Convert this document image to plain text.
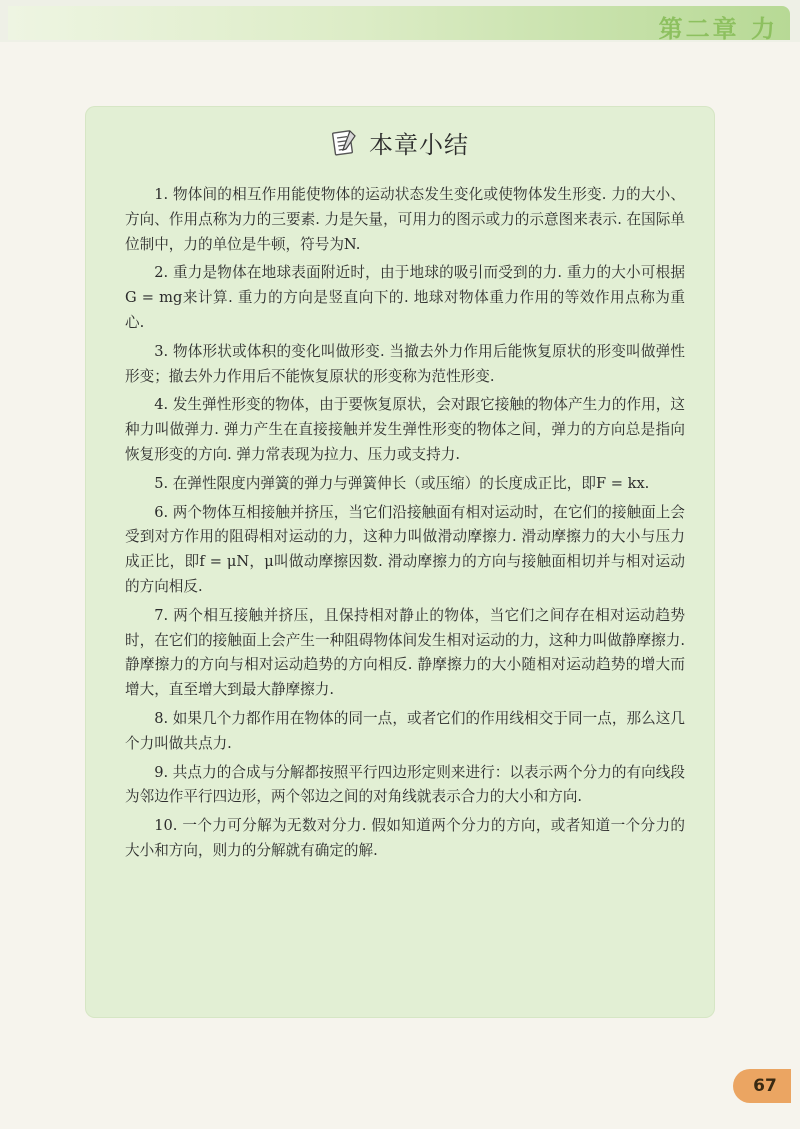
第二章 力
本章小结

1. 物体间的相互作用能使物体的运动状态发生变化或使物体发生形变. 力的大小、方向、作用点称为力的三要素. 力是矢量，可用力的图示或力的示意图来表示. 在国际单位制中，力的单位是牛顿，符号为N.

2. 重力是物体在地球表面附近时，由于地球的吸引而受到的力. 重力的大小可根据G = mg来计算. 重力的方向是竖直向下的. 地球对物体重力作用的等效作用点称为重心.

3. 物体形状或体积的变化叫做形变. 当撤去外力作用后能恢复原状的形变叫做弹性形变；撤去外力作用后不能恢复原状的形变称为范性形变.

4. 发生弹性形变的物体，由于要恢复原状，会对跟它接触的物体产生力的作用，这种力叫做弹力. 弹力产生在直接接触并发生弹性形变的物体之间，弹力的方向总是指向恢复形变的方向. 弹力常表现为拉力、压力或支持力.

5. 在弹性限度内弹簧的弹力与弹簧伸长（或压缩）的长度成正比，即F = kx.

6. 两个物体互相接触并挤压，当它们沿接触面有相对运动时，在它们的接触面上会受到对方作用的阻碍相对运动的力，这种力叫做滑动摩擦力. 滑动摩擦力的大小与压力成正比，即f = μN，μ叫做动摩擦因数. 滑动摩擦力的方向与接触面相切并与相对运动的方向相反.

7. 两个相互接触并挤压，且保持相对静止的物体，当它们之间存在相对运动趋势时，在它们的接触面上会产生一种阻碍物体间发生相对运动的力，这种力叫做静摩擦力. 静摩擦力的方向与相对运动趋势的方向相反. 静摩擦力的大小随相对运动趋势的增大而增大，直至增大到最大静摩擦力.

8. 如果几个力都作用在物体的同一点，或者它们的作用线相交于同一点，那么这几个力叫做共点力.

9. 共点力的合成与分解都按照平行四边形定则来进行：以表示两个分力的有向线段为邻边作平行四边形，两个邻边之间的对角线就表示合力的大小和方向.

10. 一个力可分解为无数对分力. 假如知道两个分力的方向，或者知道一个分力的大小和方向，则力的分解就有确定的解.

67
